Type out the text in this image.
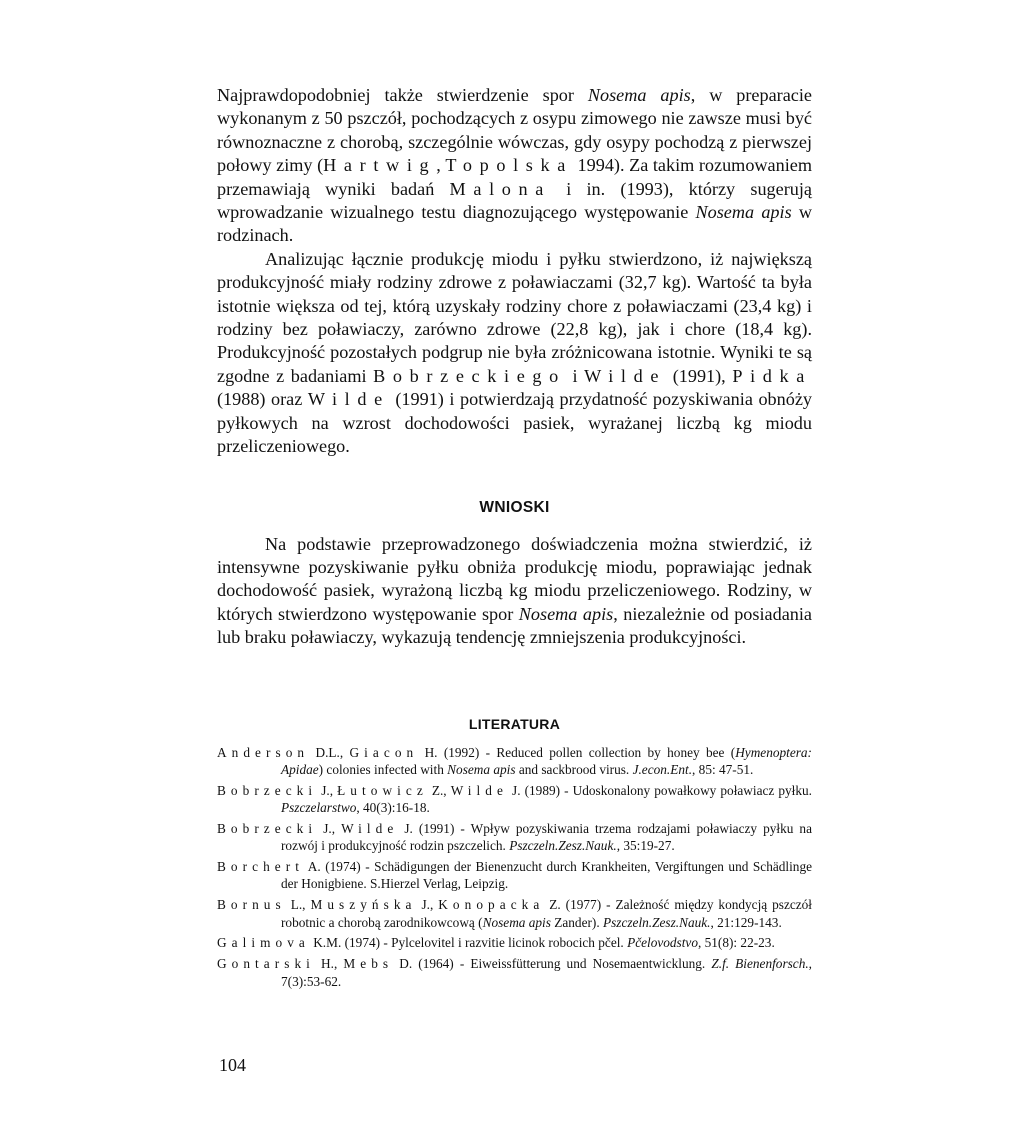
Najprawdopodobniej także stwierdzenie spor Nosema apis, w preparacie wykonanym z 50 pszczół, pochodzących z osypu zimowego nie zawsze musi być równoznaczne z chorobą, szczególnie wówczas, gdy osypy pochodzą z pierwszej połowy zimy (Hartwig, Topolska 1994). Za takim rozumowaniem przemawiają wyniki badań Malona i in. (1993), którzy sugerują wprowadzanie wizualnego testu diagnozującego występowanie Nosema apis w rodzinach.

Analizując łącznie produkcję miodu i pyłku stwierdzono, iż największą produkcyjność miały rodziny zdrowe z poławiaczami (32,7 kg). Wartość ta była istotnie większa od tej, którą uzyskały rodziny chore z poławiaczami (23,4 kg) i rodziny bez poławiaczy, zarówno zdrowe (22,8 kg), jak i chore (18,4 kg). Produkcyjność pozostałych podgrup nie była zróżnicowana istotnie. Wyniki te są zgodne z badaniami Bobrzeckiego i Wilde (1991), Pidka (1988) oraz Wilde (1991) i potwierdzają przydatność pozyskiwania obnóży pyłkowych na wzrost dochodowości pasiek, wyrażanej liczbą kg miodu przeliczeniowego.

WNIOSKI

Na podstawie przeprowadzonego doświadczenia można stwierdzić, iż intensywne pozyskiwanie pyłku obniża produkcję miodu, poprawiając jednak dochodowość pasiek, wyrażoną liczbą kg miodu przeliczeniowego. Rodziny, w których stwierdzono występowanie spor Nosema apis, niezależnie od posiadania lub braku poławiaczy, wykazują tendencję zmniejszenia produkcyjności.

LITERATURA
Anderson D.L., Giacon H. (1992) - Reduced pollen collection by honey bee (Hymenoptera: Apidae) colonies infected with Nosema apis and sackbrood virus. J.econ.Ent., 85: 47-51.
Bobrzecki J., Łutowicz Z., Wilde J. (1989) - Udoskonalony powałkowy poławiacz pyłku. Pszczelarstwo, 40(3):16-18.
Bobrzecki J., Wilde J. (1991) - Wpływ pozyskiwania trzema rodzajami poławiaczy pyłku na rozwój i produkcyjność rodzin pszczelich. Pszczeln.Zesz.Nauk., 35:19-27.
Borchert A. (1974) - Schädigungen der Bienenzucht durch Krankheiten, Vergiftungen und Schädlinge der Honigbiene. S.Hierzel Verlag, Leipzig.
Bornus L., Muszyńska J., Konopacka Z. (1977) - Zależność między kondycją pszczół robotnic a chorobą zarodnikowcową (Nosema apis Zander). Pszczeln.Zesz.Nauk., 21:129-143.
Galimova K.M. (1974) - Pylcelovitel i razvitie licinok robocich pčel. Pčelovodstvo, 51(8): 22-23.
Gontarski H., Mebs D. (1964) - Eiweissfütterung und Nosemaentwicklung. Z.f. Bienenforsch., 7(3):53-62.
104
